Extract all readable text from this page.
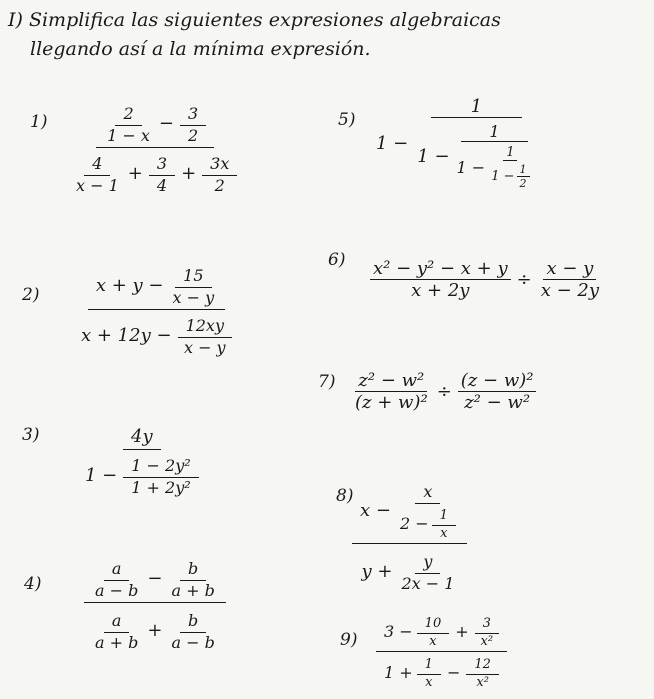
I) Simplifica las siguientes expresiones algebraicas
llegando así a la mínima expresión.
$1) \frac{\frac{2}{1 - x} - \frac{3}{2}}{\frac{4}{x - 1} + \frac{3}{4} + \frac{3x}{2}}$
$2) \frac{x + y - \frac{15}{x - y}}{x + 12y - \frac{12xy}{x - y}}$
$3) \frac{4y}{1 - \frac{\text{1 − 2y²}}{\text{1 + 2y²}}}$
4)	$\frac{\frac{a}{a - b} - \frac{b}{a + b}}{\frac{a}{a + b} + \frac{b}{a - b}}$
5)
1 −
1
1 −
1
$1 - \frac{1}{1 - \frac{1}{2}}$
$6) \frac{\text{x² − y² − x + y}}{x + 2y} \div \frac{x - y}{x - 2y}$
$7) \frac{\text{z² − w²}}{\text{(z + w)²}} \div \frac{\text{(z − w)²}}{\text{z² − w²}}$
8)
$\frac{x - \frac{x}{2 - \frac{1}{x}}}{y + \frac{y}{2x - 1}}$
$9) \frac{3 - \frac{10}{x} + \frac{3}{\text{x²}}}{1 + \frac{1}{x} - \frac{12}{\text{x²}}}$
